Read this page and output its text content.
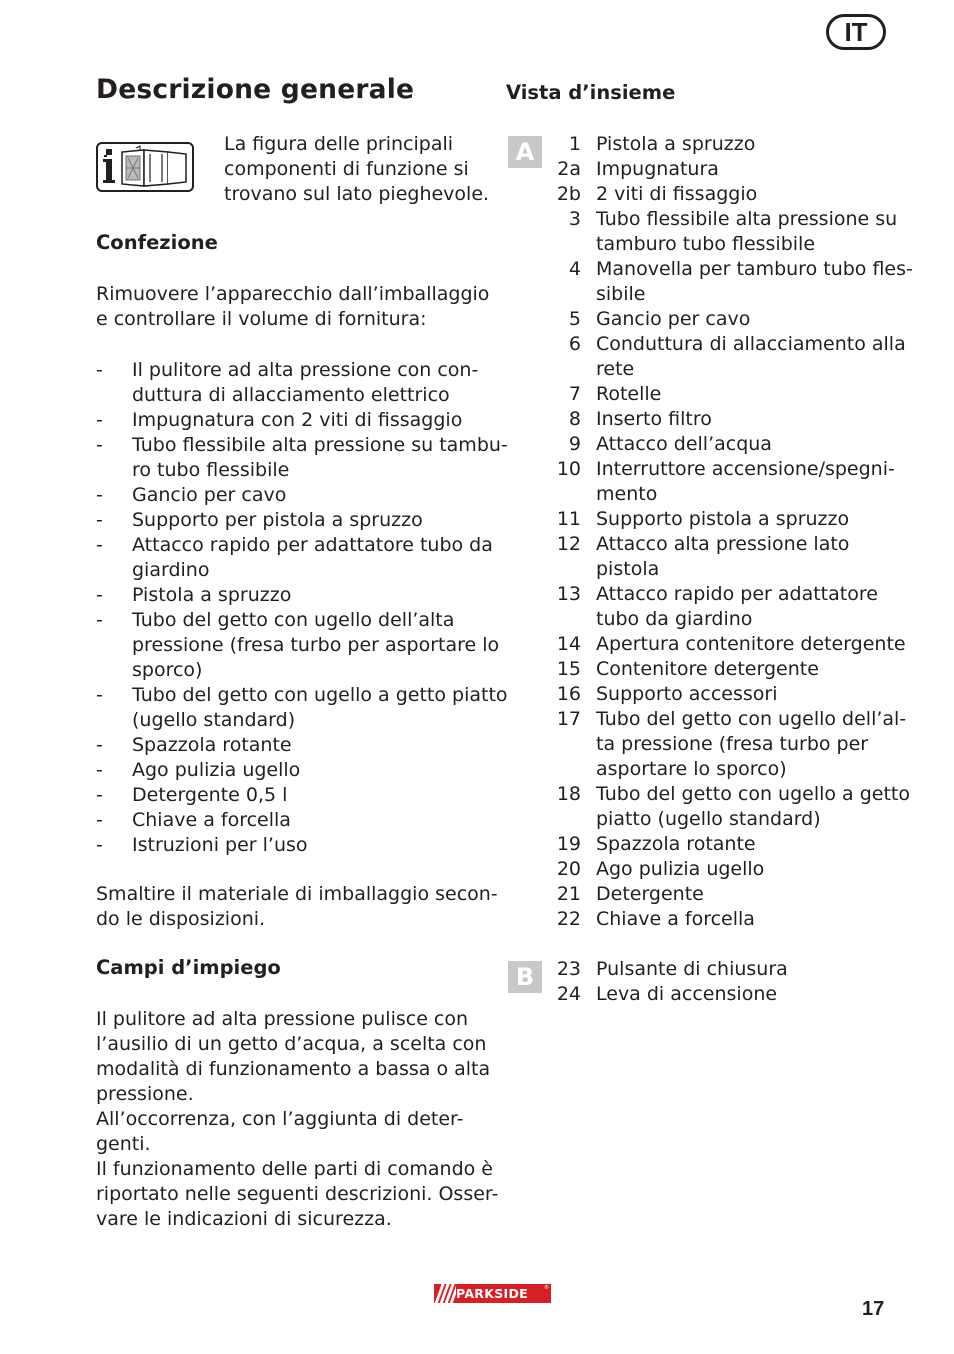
IT
Descrizione generale
La figura delle principali
componenti di funzione si
trovano sul lato pieghevole.
Confezione
Rimuovere l’apparecchio dall’imballaggio
e controllare il volume di fornitura:
- Il pulitore ad alta pressione con con-
duttura di allacciamento elettrico
- Impugnatura con 2 viti di fissaggio
- Tubo flessibile alta pressione su tambu-
ro tubo flessibile
- Gancio per cavo
- Supporto per pistola a spruzzo
- Attacco rapido per adattatore tubo da
giardino
- Pistola a spruzzo
- Tubo del getto con ugello dell’alta
pressione (fresa turbo per asportare lo
sporco)
- Tubo del getto con ugello a getto piatto
(ugello standard)
- Spazzola rotante
- Ago pulizia ugello
- Detergente 0,5 l
- Chiave a forcella
- Istruzioni per l’uso
Smaltire il materiale di imballaggio secon-
do le disposizioni.
Campi d’impiego
Il pulitore ad alta pressione pulisce con
l’ausilio di un getto d’acqua, a scelta con
modalità di funzionamento a bassa o alta
pressione.
All’occorrenza, con l’aggiunta di deter-
genti.
Il funzionamento delle parti di comando è
riportato nelle seguenti descrizioni. Osser-
vare le indicazioni di sicurezza.
Vista d’insieme
A	1 Pistola a spruzzo
2a Impugnatura
2b 2 viti di fissaggio
3 Tubo flessibile alta pressione su
tamburo tubo flessibile
4 Manovella per tamburo tubo fles-
sibile
5 Gancio per cavo
6 Conduttura di allacciamento alla
rete
7 Rotelle
8 Inserto filtro
9 Attacco dell’acqua
10 Interruttore accensione/spegni-
mento
11 Supporto pistola a spruzzo
12 Attacco alta pressione lato
pistola
13 Attacco rapido per adattatore
tubo da giardino
14 Apertura contenitore detergente
15 Contenitore detergente
16 Supporto accessori
17 Tubo del getto con ugello dell’al-
ta pressione (fresa turbo per
asportare lo sporco)
18 Tubo del getto con ugello a getto
piatto (ugello standard)
19 Spazzola rotante
20 Ago pulizia ugello
21 Detergente
22 Chiave a forcella
B	23 Pulsante di chiusura
24 Leva di accensione
PARKSIDE	®
17
